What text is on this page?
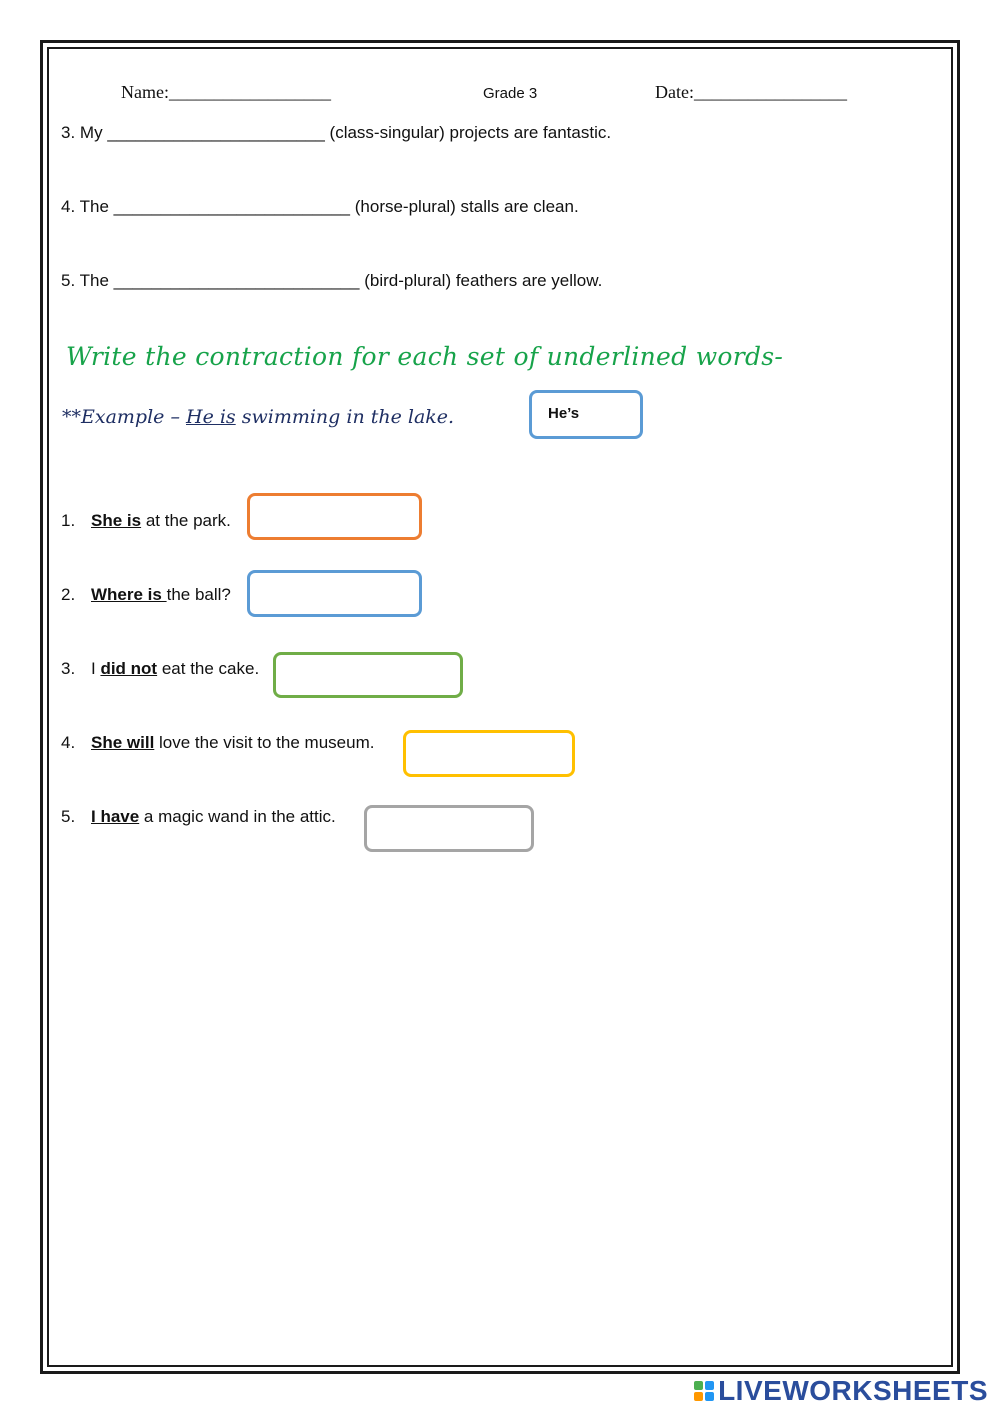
Name:__________________	Grade 3	Date:_________________
3. My _______________________ (class-singular) projects are fantastic.
4. The _________________________ (horse-plural) stalls are clean.
5. The __________________________ (bird-plural) feathers are yellow.
Write the contraction for each set of underlined words-
**Example – He is swimming in the lake.	He’s
1. She is at the park.
2. Where is the ball?
3. I did not eat the cake.
4. She will love the visit to the museum.
5. I have a magic wand in the attic.
LIVEWORKSHEETS
